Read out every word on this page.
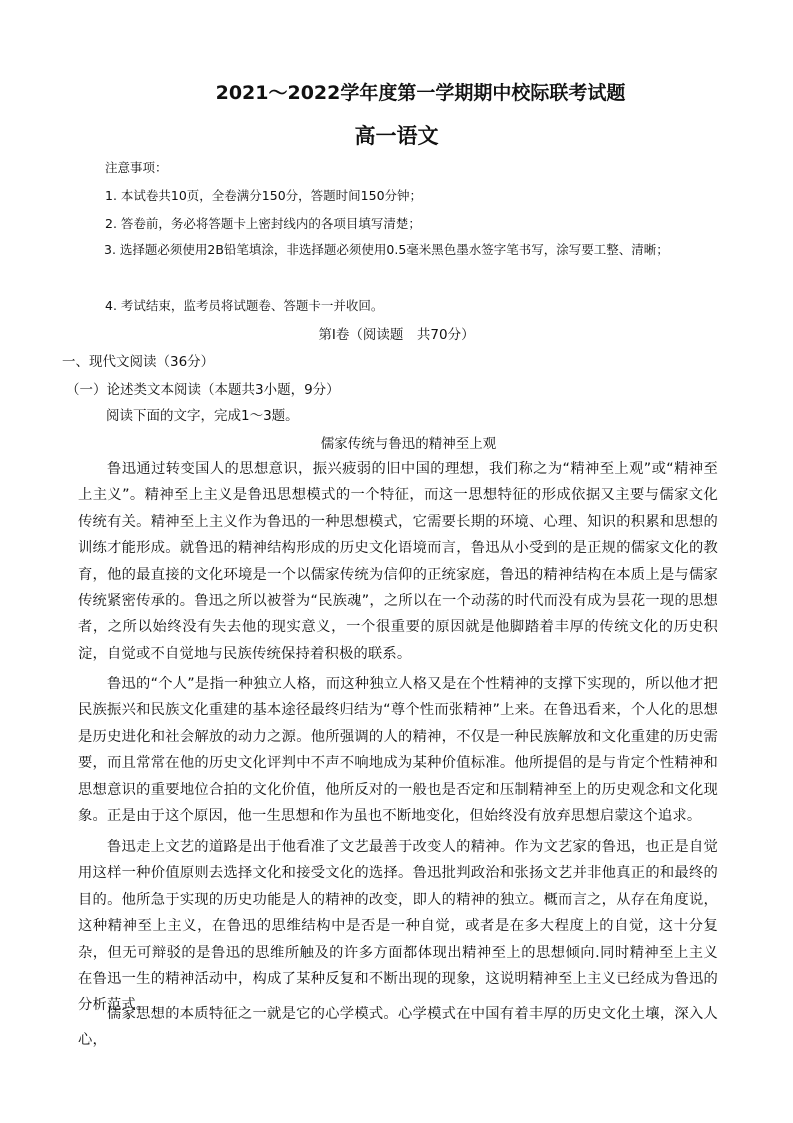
2021～2022学年度第一学期期中校际联考试题
高一语文
注意事项：
1. 本试卷共10页，全卷满分150分，答题时间150分钟；
2. 答卷前，务必将答题卡上密封线内的各项目填写清楚；
3. 选择题必须使用2B铅笔填涂，非选择题必须使用0.5毫米黑色墨水签字笔书写，涂写要工整、清晰；
4. 考试结束，监考员将试题卷、答题卡一并收回。
第Ⅰ卷（阅读题　共70分）
一、现代文阅读（36分）
（一）论述类文本阅读（本题共3小题，9分）
阅读下面的文字，完成1～3题。
儒家传统与鲁迅的精神至上观
鲁迅通过转变国人的思想意识，振兴疲弱的旧中国的理想，我们称之为“精神至上观”或“精神至上主义”。精神至上主义是鲁迅思想模式的一个特征，而这一思想特征的形成依据又主要与儒家文化传统有关。精神至上主义作为鲁迅的一种思想模式，它需要长期的环境、心理、知识的积累和思想的训练才能形成。就鲁迅的精神结构形成的历史文化语境而言，鲁迅从小受到的是正规的儒家文化的教育，他的最直接的文化环境是一个以儒家传统为信仰的正统家庭，鲁迅的精神结构在本质上是与儒家传统紧密传承的。鲁迅之所以被誉为“民族魂”，之所以在一个动荡的时代而没有成为昙花一现的思想者，之所以始终没有失去他的现实意义，一个很重要的原因就是他脚踏着丰厚的传统文化的历史积淀，自觉或不自觉地与民族传统保持着积极的联系。
鲁迅的“个人”是指一种独立人格，而这种独立人格又是在个性精神的支撑下实现的，所以他才把民族振兴和民族文化重建的基本途径最终归结为“尊个性而张精神”上来。在鲁迅看来，个人化的思想是历史进化和社会解放的动力之源。他所强调的人的精神，不仅是一种民族解放和文化重建的历史需要，而且常常在他的历史文化评判中不声不响地成为某种价值标准。他所提倡的是与肯定个性精神和思想意识的重要地位合拍的文化价值，他所反对的一般也是否定和压制精神至上的历史观念和文化现象。正是由于这个原因，他一生思想和作为虽也不断地变化，但始终没有放弃思想启蒙这个追求。
鲁迅走上文艺的道路是出于他看准了文艺最善于改变人的精神。作为文艺家的鲁迅，也正是自觉用这样一种价值原则去选择文化和接受文化的选择。鲁迅批判政治和张扬文艺并非他真正的和最终的目的。他所急于实现的历史功能是人的精神的改变，即人的精神的独立。概而言之，从存在角度说，这种精神至上主义，在鲁迅的思维结构中是否是一种自觉，或者是在多大程度上的自觉，这十分复杂，但无可辩驳的是鲁迅的思维所触及的许多方面都体现出精神至上的思想倾向.同时精神至上主义在鲁迅一生的精神活动中，构成了某种反复和不断出现的现象，这说明精神至上主义已经成为鲁迅的分析范式。
儒家思想的本质特征之一就是它的心学模式。心学模式在中国有着丰厚的历史文化土壤，深入人心，
